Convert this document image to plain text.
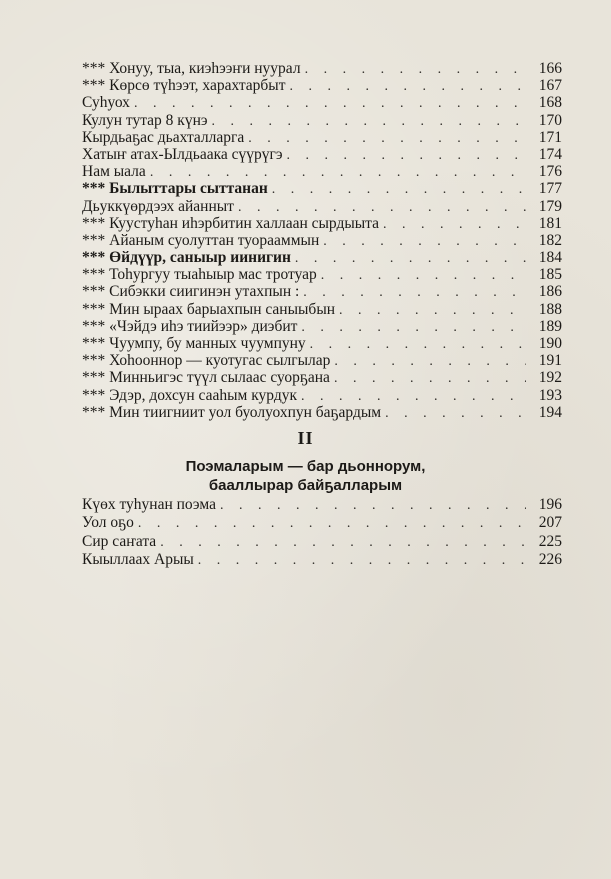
*** Хонуу, тыа, киэһээҥи нуурал . . .	166
*** Көрсө түһээт, харахтарбыт . . .	167
Суһуох . . .	168
Кулун тутар 8 күнэ . . .	170
Кырдьаҕас дьахталларга . . .	171
Хатыҥ атах-Ылдьаака сүүрүгэ . . .	174
Нам ыала . . .	176
*** Былыттары сыттанан . . .	177
Дьуккүөрдээх айанныт . . .	179
*** Куустуһан иһэрбитин халлаан сырдыыта . . .	181
*** Айаным суолуттан туорааммын . . .	182
*** Өйдүүр, саныыр иинигин . . .	184
*** Тоһургуу тыаһыыр мас тротуар . . .	185
*** Сибэкки сиигинэн утахпын : . . .	186
*** Мин ыраах барыахпын саныыбын . . .	188
*** «Чэйдэ иһэ тиийээр» диэбит . . .	189
*** Чуумпу, бу манных чуумпуну . . .	190
*** Хоһооннор — куотугас сылгылар . . .	191
*** Минньигэс түүл сылаас суорҕана . . .	192
*** Эдэр, дохсун сааһым курдук . . .	193
*** Мин тиигниит уол буолуохпун баҕардым . . .	194
II
Поэмаларым — бар дьоннорум,
бааллырар байҕалларым
Күөх туһунан поэма . . .	196
Уол оҕо . . .	207
Сир саҥата . . .	225
Кыыллаах Арыы . . .	226
